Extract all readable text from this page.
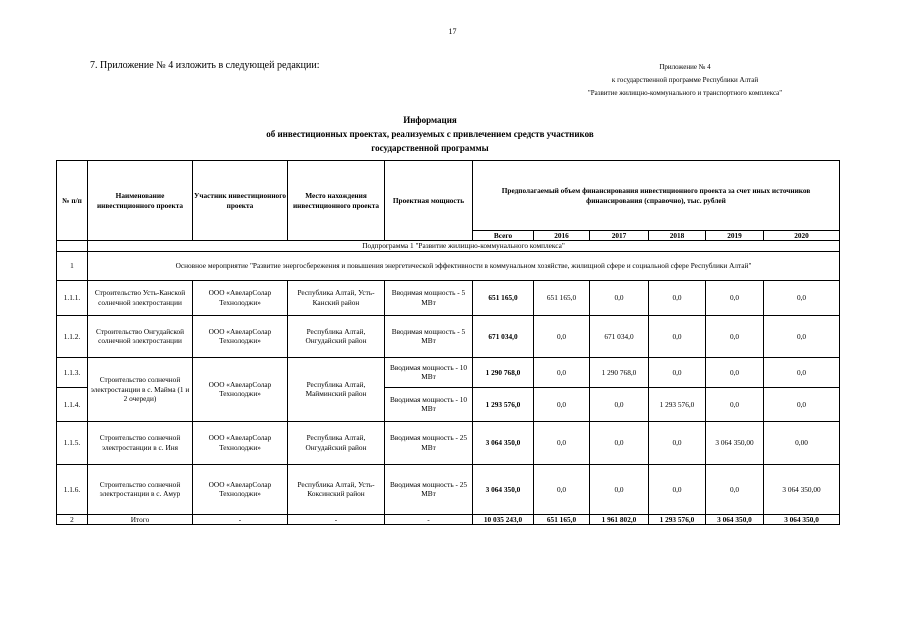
17
7. Приложение № 4 изложить в следующей редакции:	Приложение № 4
к государственной программе Республики Алтай
"Развитие жилищно-коммунального и транспортного комплекса"
Информация
об инвестиционных проектах, реализуемых с привлечением средств участников
государственной программы
№ п/п	Наименование инвестиционного проекта	Участник инвестиционного проекта	Место нахождения инвестиционного проекта	Проектная мощность	Предполагаемый объем финансирования инвестиционного проекта за счет иных источников финансирования (справочно), тыс. рублей					
					Всего	2016	2017	2018	2019	2020
	Подпрограмма 1 "Развитие жилищно-коммунального комплекса"									
1	Основное мероприятие "Развитие энергосбережения и повышения энергетической эффективности в коммунальном хозяйстве, жилищной сфере и социальной сфере Республики Алтай"									
1.1.1.	Строительство Усть-Канской солнечной электростанции	ООО «АвеларСолар Технолоджи»	Республика Алтай, Усть-Канский район	Вводимая мощность - 5 МВт	651 165,0	651 165,0	0,0	0,0	0,0	0,0
1.1.2.	Строительство Онгудайской солнечной электростанции	ООО «АвеларСолар Технолоджи»	Республика Алтай, Онгудайский район	Вводимая мощность - 5 МВт	671 034,0	0,0	671 034,0	0,0	0,0	0,0
1.1.3.	Строительство солнечной электростанции в с. Майма (1 и 2 очереди)	ООО «АвеларСолар Технолоджи»	Республика Алтай, Майминский район	Вводимая мощность - 10 МВт	1 290 768,0	0,0	1 290 768,0	0,0	0,0	0,0
1.1.4.				Вводимая мощность - 10 МВт	1 293 576,0	0,0	0,0	1 293 576,0	0,0	0,0
1.1.5.	Строительство солнечной электростанции в с. Иня	ООО «АвеларСолар Технолоджи»	Республика Алтай, Онгудайский район	Вводимая мощность - 25 МВт	3 064 350,0	0,0	0,0	0,0	3 064 350,00	0,00
1.1.6.	Строительство солнечной электростанции в с. Амур	ООО «АвеларСолар Технолоджи»	Республика Алтай, Усть-Коксинский район	Вводимая мощность - 25 МВт	3 064 350,0	0,0	0,0	0,0	0,0	3 064 350,00
2	Итого	-	-	-	10 035 243,0	651 165,0	1 961 802,0	1 293 576,0	3 064 350,0	3 064 350,0
